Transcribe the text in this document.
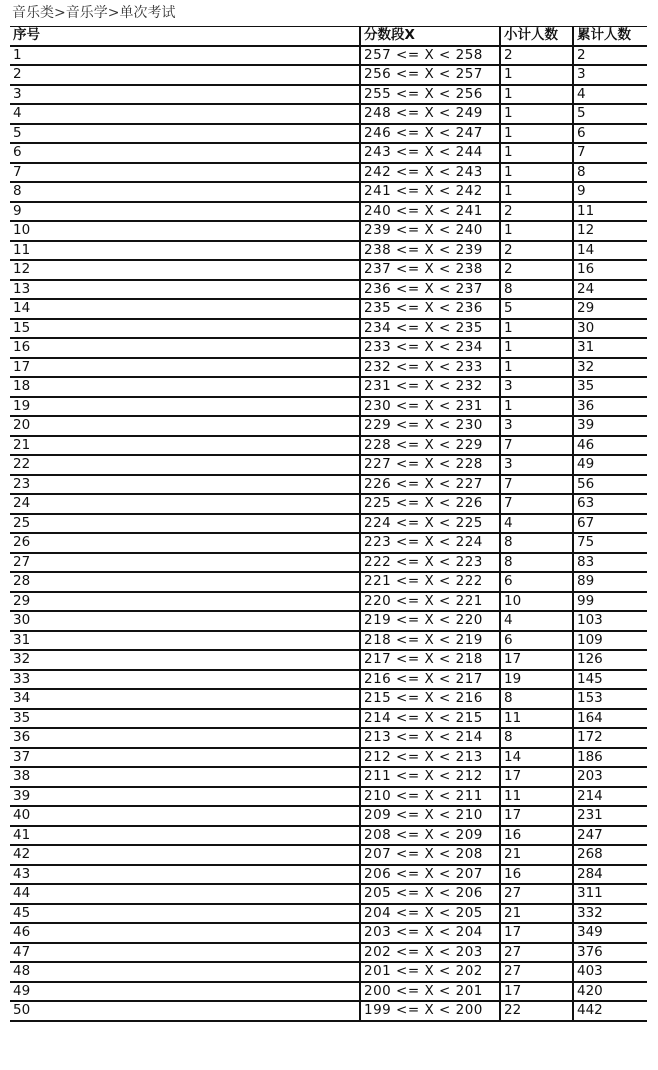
音乐类>音乐学>单次考试
序号	分数段X	小计人数	累计人数
1	257 <= X < 258	2	2
2	256 <= X < 257	1	3
3	255 <= X < 256	1	4
4	248 <= X < 249	1	5
5	246 <= X < 247	1	6
6	243 <= X < 244	1	7
7	242 <= X < 243	1	8
8	241 <= X < 242	1	9
9	240 <= X < 241	2	11
10	239 <= X < 240	1	12
11	238 <= X < 239	2	14
12	237 <= X < 238	2	16
13	236 <= X < 237	8	24
14	235 <= X < 236	5	29
15	234 <= X < 235	1	30
16	233 <= X < 234	1	31
17	232 <= X < 233	1	32
18	231 <= X < 232	3	35
19	230 <= X < 231	1	36
20	229 <= X < 230	3	39
21	228 <= X < 229	7	46
22	227 <= X < 228	3	49
23	226 <= X < 227	7	56
24	225 <= X < 226	7	63
25	224 <= X < 225	4	67
26	223 <= X < 224	8	75
27	222 <= X < 223	8	83
28	221 <= X < 222	6	89
29	220 <= X < 221	10	99
30	219 <= X < 220	4	103
31	218 <= X < 219	6	109
32	217 <= X < 218	17	126
33	216 <= X < 217	19	145
34	215 <= X < 216	8	153
35	214 <= X < 215	11	164
36	213 <= X < 214	8	172
37	212 <= X < 213	14	186
38	211 <= X < 212	17	203
39	210 <= X < 211	11	214
40	209 <= X < 210	17	231
41	208 <= X < 209	16	247
42	207 <= X < 208	21	268
43	206 <= X < 207	16	284
44	205 <= X < 206	27	311
45	204 <= X < 205	21	332
46	203 <= X < 204	17	349
47	202 <= X < 203	27	376
48	201 <= X < 202	27	403
49	200 <= X < 201	17	420
50	199 <= X < 200	22	442
